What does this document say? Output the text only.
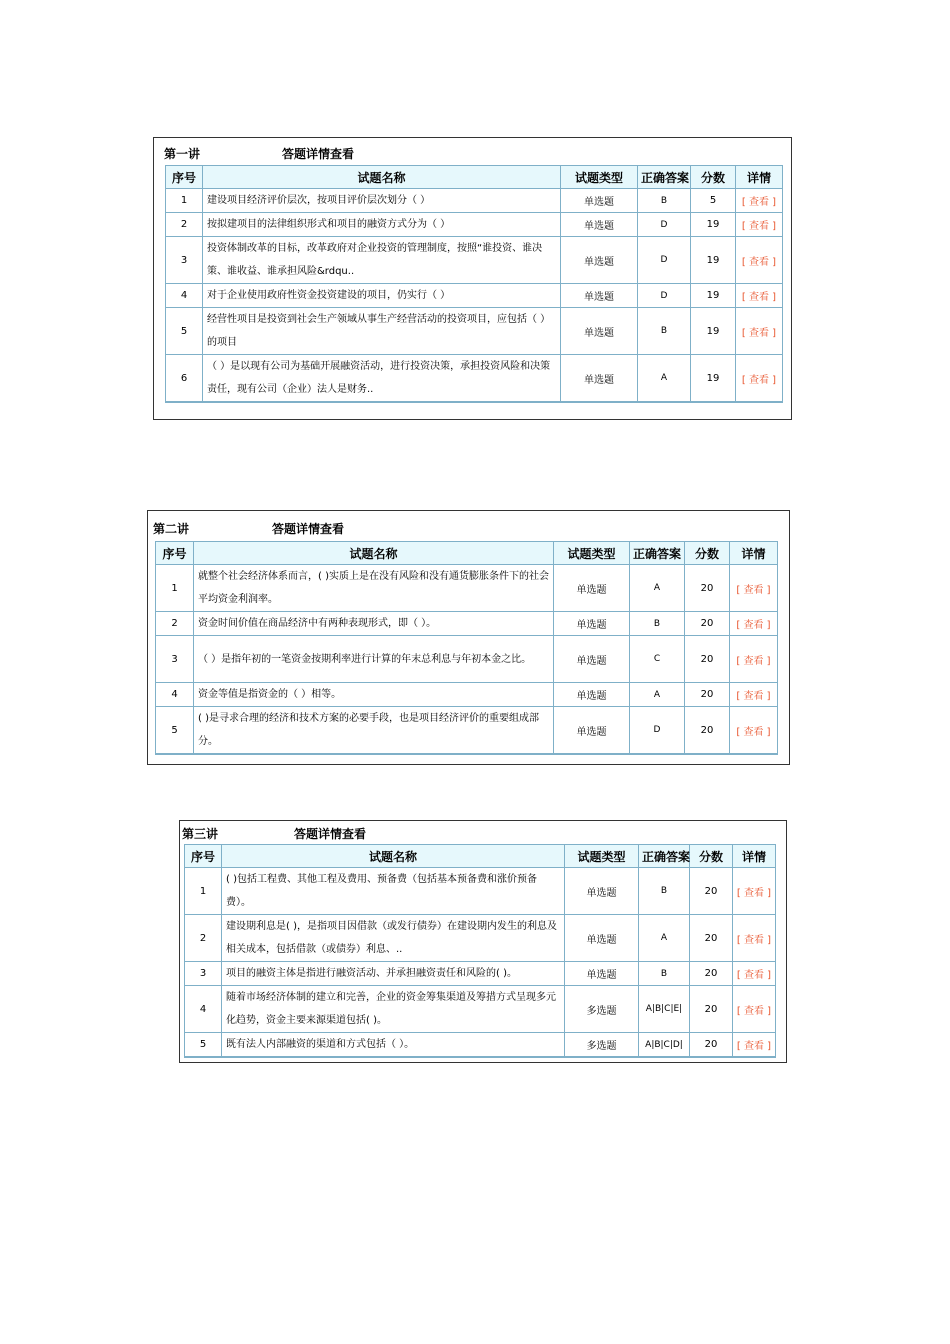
第一讲	答题详情查看
序号	试题名称	试题类型	正确答案	分数	详情
1	建设项目经济评价层次，按项目评价层次划分（ ）	单选题	B	5	[ 查看 ]
2	按拟建项目的法律组织形式和项目的融资方式分为（ ）	单选题	D	19	[ 查看 ]
3	投资体制改革的目标，改革政府对企业投资的管理制度，按照“谁投资、谁决策、谁收益、谁承担风险&rdqu..	单选题	D	19	[ 查看 ]
4	对于企业使用政府性资金投资建设的项目，仍实行（ ）	单选题	D	19	[ 查看 ]
5	经营性项目是投资到社会生产领域从事生产经营活动的投资项目，应包括（ ）的项目	单选题	B	19	[ 查看 ]
6	（ ）是以现有公司为基础开展融资活动，进行投资决策，承担投资风险和决策责任，现有公司（企业）法人是财务..	单选题	A	19	[ 查看 ]
第二讲	答题详情查看
序号	试题名称	试题类型	正确答案	分数	详情
1	就整个社会经济体系而言，( )实质上是在没有风险和没有通货膨胀条件下的社会平均资金利润率。	单选题	A	20	[ 查看 ]
2	资金时间价值在商品经济中有两种表现形式，即（ ）。	单选题	B	20	[ 查看 ]
3	（ ）是指年初的一笔资金按期利率进行计算的年末总利息与年初本金之比。	单选题	C	20	[ 查看 ]
4	资金等值是指资金的（ ）相等。	单选题	A	20	[ 查看 ]
5	( )是寻求合理的经济和技术方案的必要手段，也是项目经济评价的重要组成部分。	单选题	D	20	[ 查看 ]
第三讲	答题详情查看
序号	试题名称	试题类型	正确答案	分数	详情
1	( )包括工程费、其他工程及费用、预备费（包括基本预备费和涨价预备费）。	单选题	B	20	[ 查看 ]
2	建设期利息是( )，是指项目因借款（或发行债券）在建设期内发生的利息及相关成本，包括借款（或债券）利息、..	单选题	A	20	[ 查看 ]
3	项目的融资主体是指进行融资活动、并承担融资责任和风险的( )。	单选题	B	20	[ 查看 ]
4	随着市场经济体制的建立和完善，企业的资金筹集渠道及筹措方式呈现多元化趋势，资金主要来源渠道包括( )。	多选题	A|B|C|E|	20	[ 查看 ]
5	既有法人内部融资的渠道和方式包括（ ）。	多选题	A|B|C|D|	20	[ 查看 ]
